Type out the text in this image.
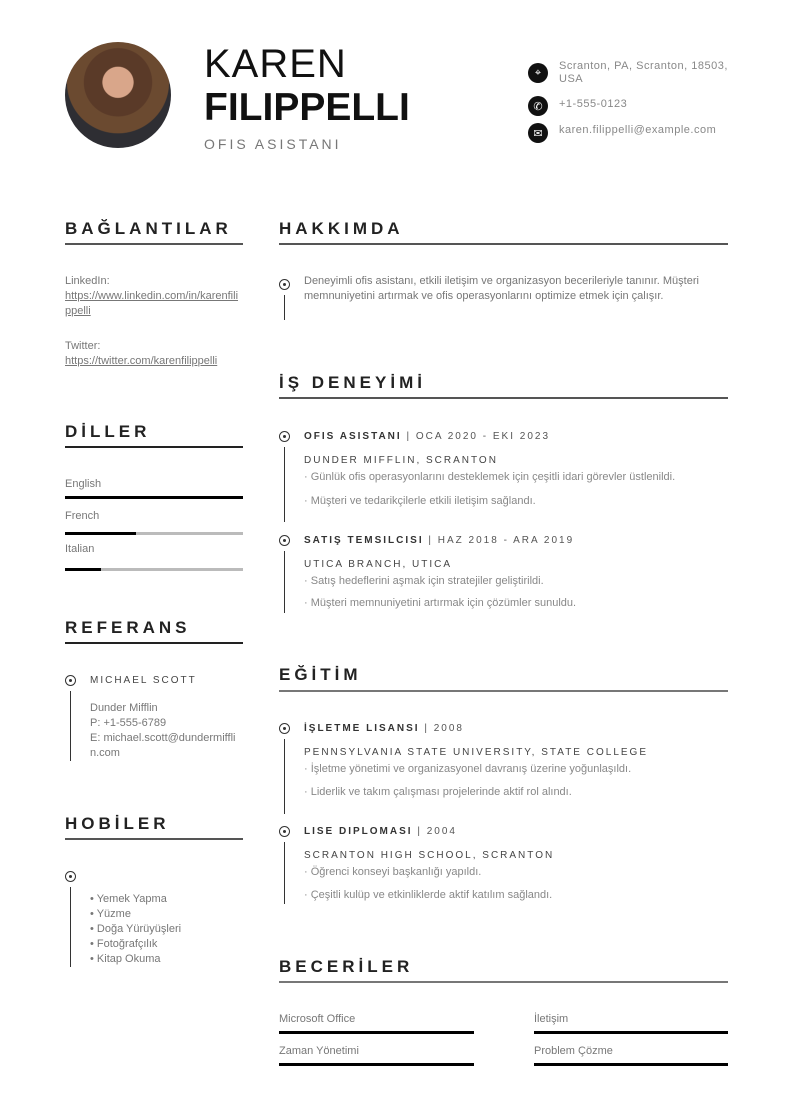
KAREN
FILIPPELLI
OFIS ASISTANI
⌖
Scranton, PA, Scranton, 18503, USA
✆	+1-555-0123
✉	karen.filippelli@example.com
BAĞLANTILAR
LinkedIn:
https://www.linkedin.com/in/karenfilippelli
Twitter:
https://twitter.com/karenfilippelli
DİLLER
English
French
Italian
REFERANS
MICHAEL SCOTT
Dunder Mifflin
P: +1-555-6789
E: michael.scott@dundermifflin.com
HOBİLER
• Yemek Yapma
• Yüzme
• Doğa Yürüyüşleri
• Fotoğrafçılık
• Kitap Okuma
HAKKIMDA
Deneyimli ofis asistanı, etkili iletişim ve organizasyon becerileriyle tanınır. Müşteri memnuniyetini artırmak ve ofis operasyonlarını optimize etmek için çalışır.
İŞ DENEYİMİ
OFIS ASISTANI | OCA 2020 - EKI 2023
DUNDER MIFFLIN, SCRANTON
· Günlük ofis operasyonlarını desteklemek için çeşitli idari görevler üstlenildi.
· Müşteri ve tedarikçilerle etkili iletişim sağlandı.
SATIŞ TEMSILCISI | HAZ 2018 - ARA 2019
UTICA BRANCH, UTICA
· Satış hedeflerini aşmak için stratejiler geliştirildi.
· Müşteri memnuniyetini artırmak için çözümler sunuldu.
EĞİTİM
İŞLETME LISANSI | 2008
PENNSYLVANIA STATE UNIVERSITY, STATE COLLEGE
· İşletme yönetimi ve organizasyonel davranış üzerine yoğunlaşıldı.
· Liderlik ve takım çalışması projelerinde aktif rol alındı.
LISE DIPLOMASI | 2004
SCRANTON HIGH SCHOOL, SCRANTON
· Öğrenci konseyi başkanlığı yapıldı.
· Çeşitli kulüp ve etkinliklerde aktif katılım sağlandı.
BECERİLER
Microsoft Office	İletişim
Zaman Yönetimi	Problem Çözme
